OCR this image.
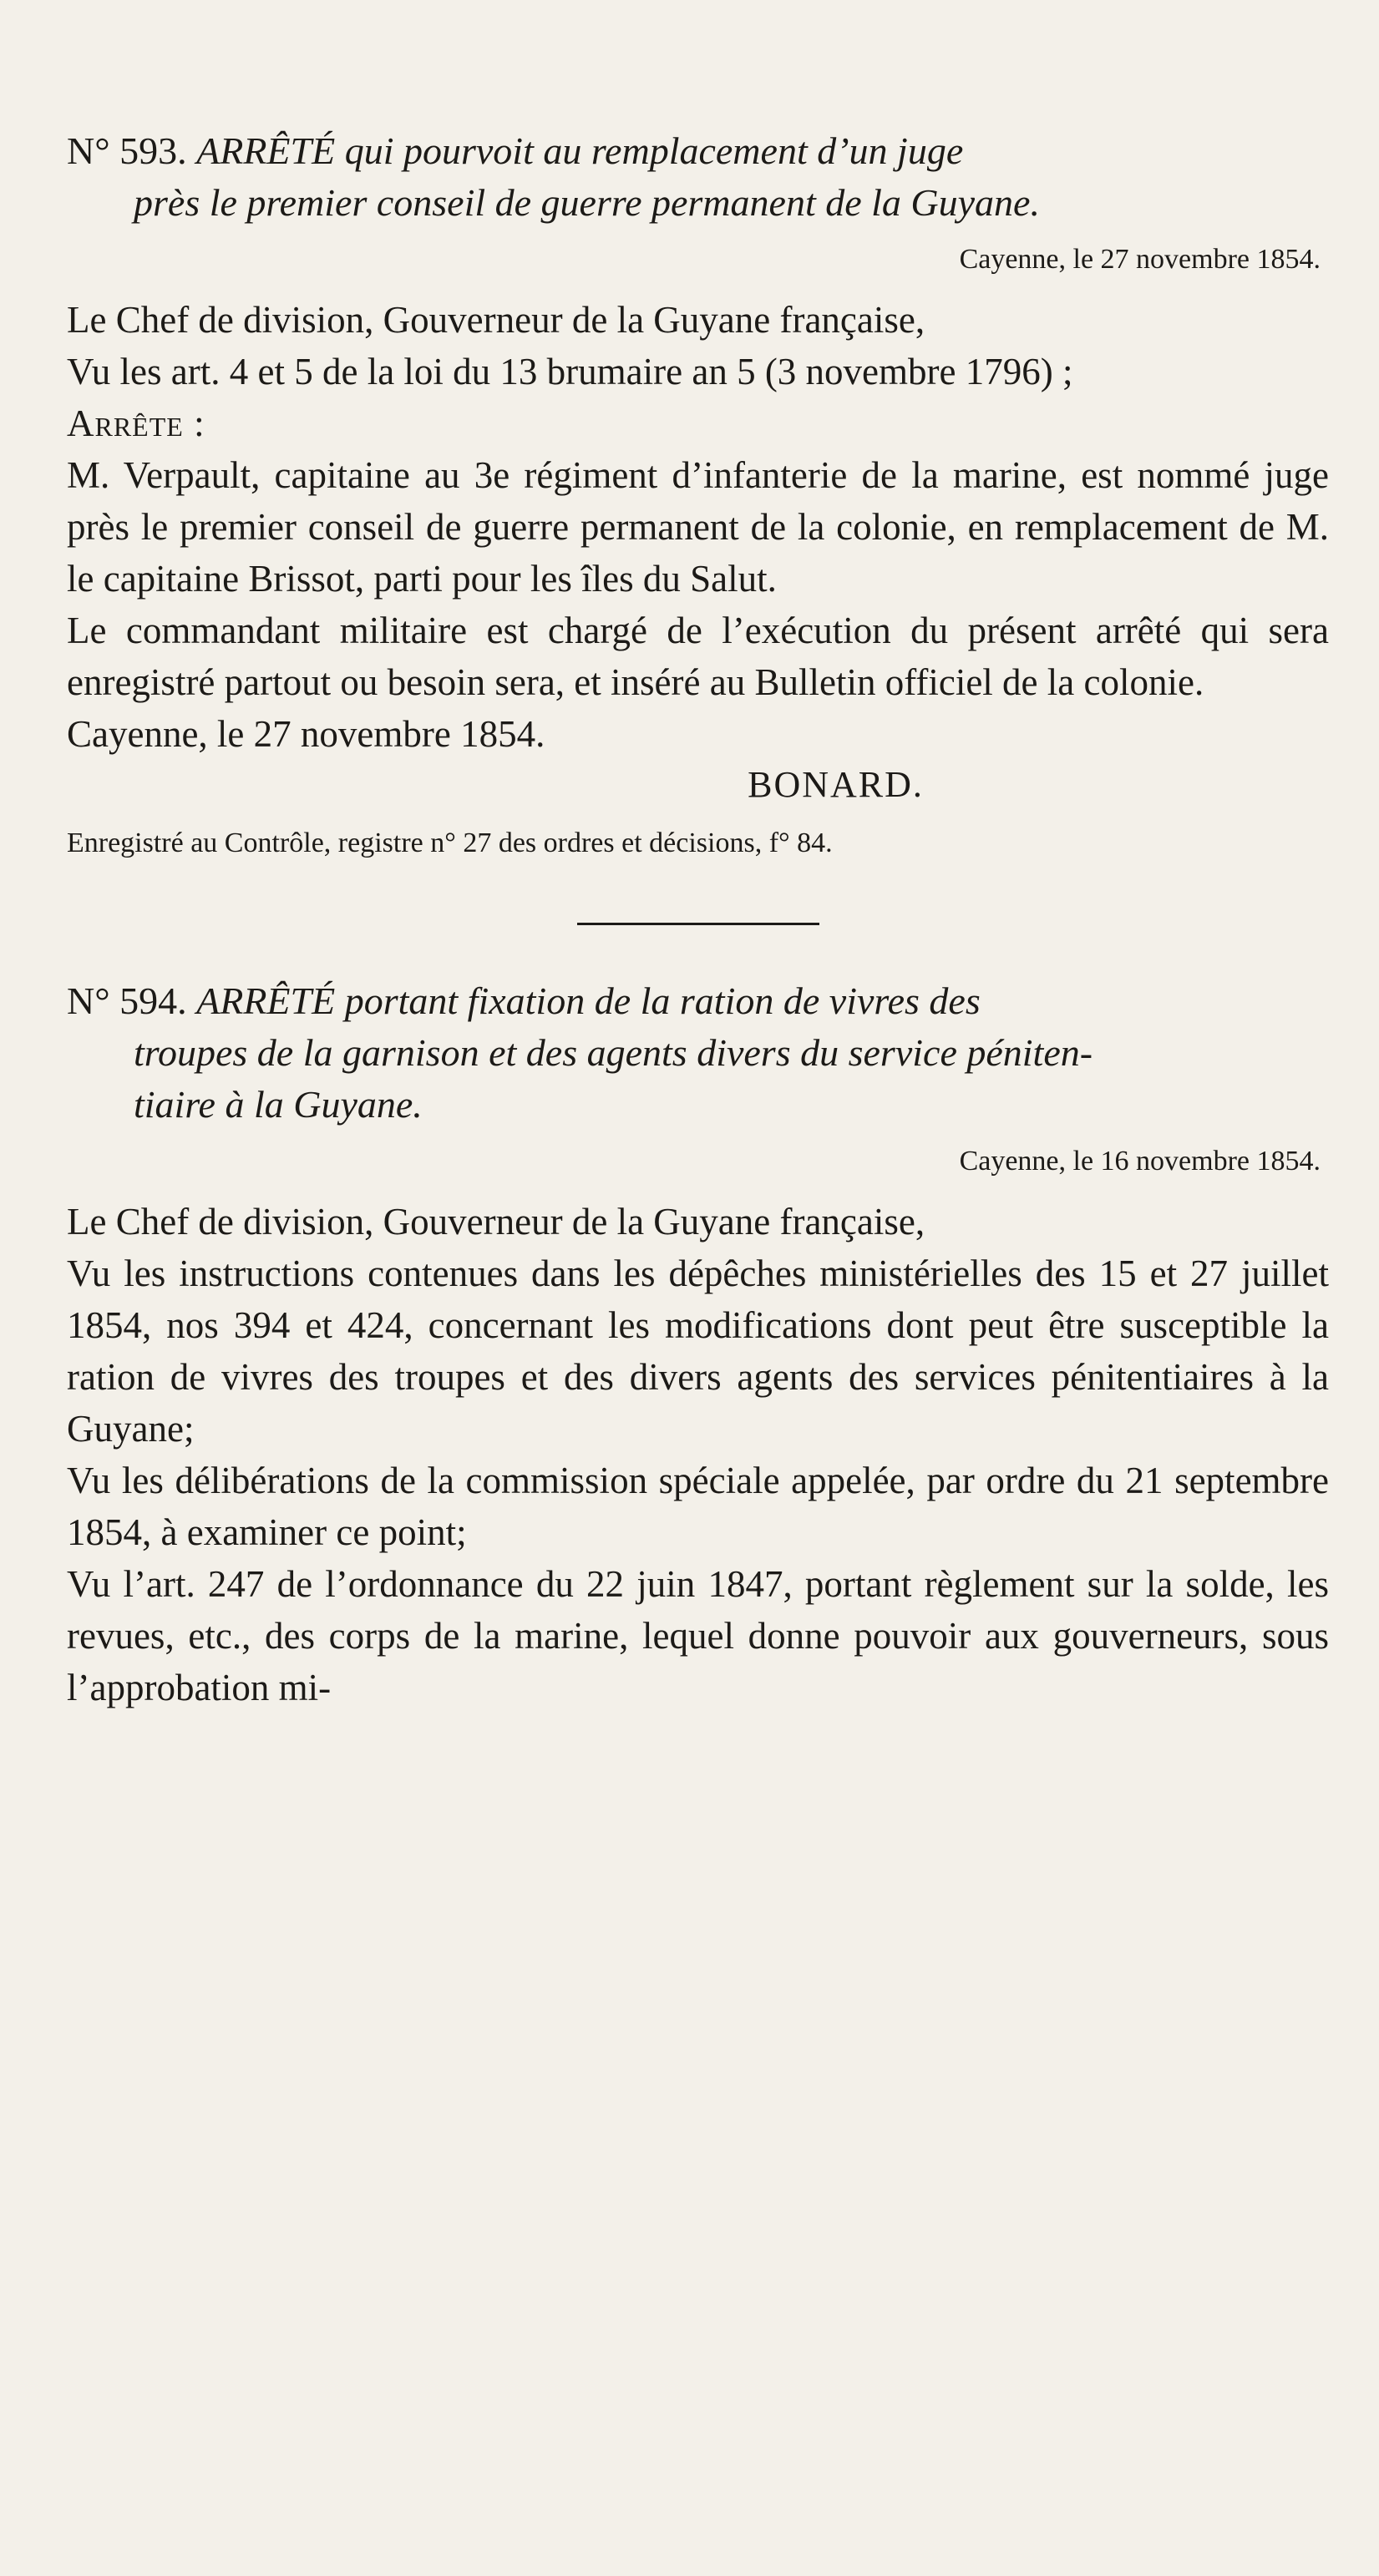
N° 593. ARRÊTÉ qui pourvoit au remplacement d’un juge

près le premier conseil de guerre permanent de la Guyane.

Cayenne, le 27 novembre 1854.

Le Chef de division, Gouverneur de la Guyane française,

Vu les art. 4 et 5 de la loi du 13 brumaire an 5 (3 novembre 1796) ;

Arrête :

M. Verpault, capitaine au 3e régiment d’infanterie de la marine, est nommé juge près le premier conseil de guerre permanent de la colonie, en remplacement de M. le capitaine Brissot, parti pour les îles du Salut.

Le commandant militaire est chargé de l’exécution du présent arrêté qui sera enregistré partout ou besoin sera, et inséré au Bulletin officiel de la colonie.

Cayenne, le 27 novembre 1854.

BONARD.

Enregistré au Contrôle, registre n° 27 des ordres et décisions, f° 84.

N° 594. ARRÊTÉ portant fixation de la ration de vivres des

troupes de la garnison et des agents divers du service péniten-

tiaire à la Guyane.

Cayenne, le 16 novembre 1854.

Le Chef de division, Gouverneur de la Guyane française,

Vu les instructions contenues dans les dépêches ministérielles des 15 et 27 juillet 1854, nos 394 et 424, concernant les modifications dont peut être susceptible la ration de vivres des troupes et des divers agents des services pénitentiaires à la Guyane;

Vu les délibérations de la commission spéciale appelée, par ordre du 21 septembre 1854, à examiner ce point;

Vu l’art. 247 de l’ordonnance du 22 juin 1847, portant règlement sur la solde, les revues, etc., des corps de la marine, lequel donne pouvoir aux gouverneurs, sous l’approbation mi-
